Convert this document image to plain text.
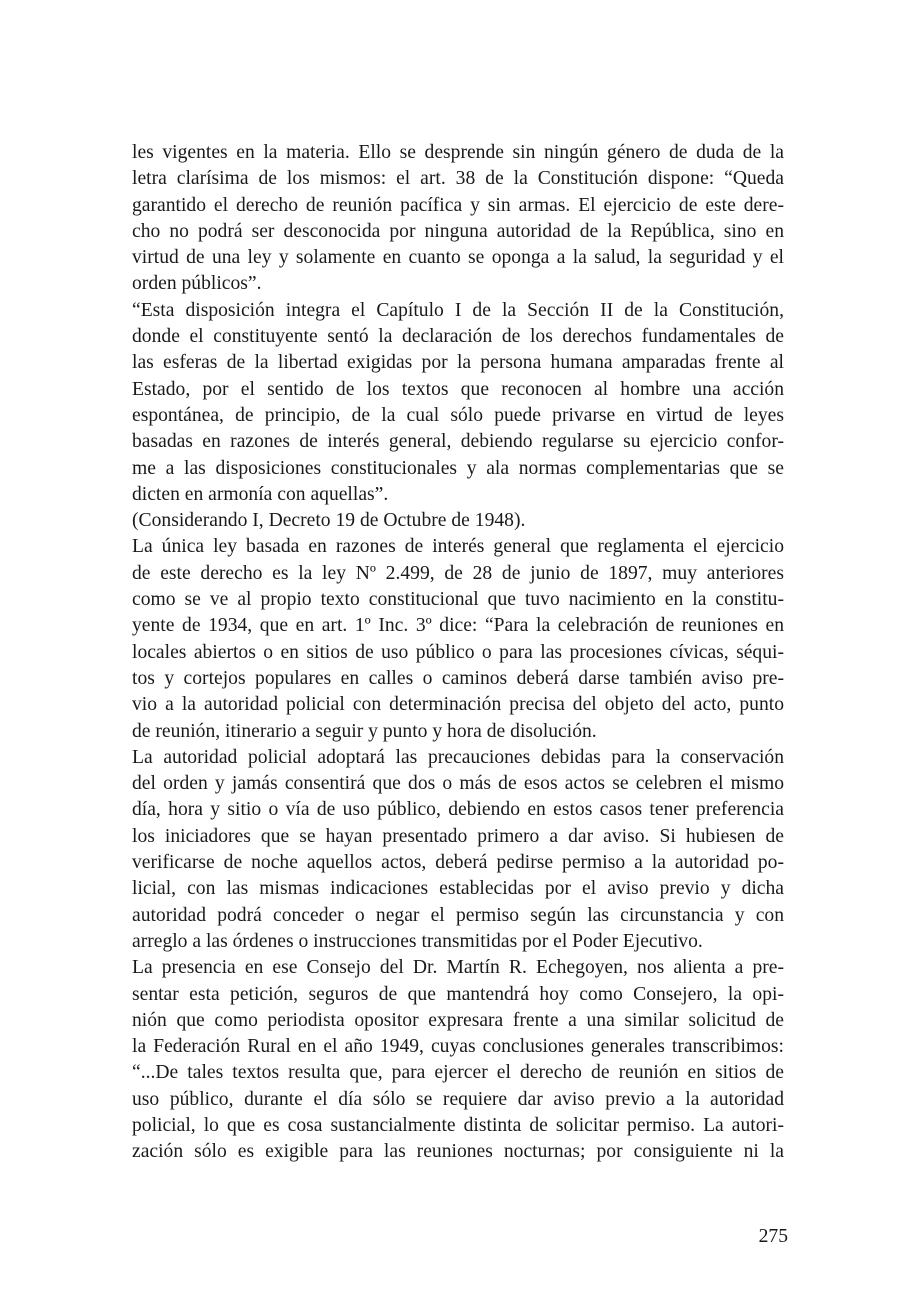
les vigentes en la materia. Ello se desprende sin ningún género de duda de la
letra clarísima de los mismos: el art. 38 de la Constitución dispone: “Queda
garantido el derecho de reunión pacífica y sin armas. El ejercicio de este dere-
cho no podrá ser desconocida por ninguna autoridad de la República, sino en
virtud de una ley y solamente en cuanto se oponga a la salud, la seguridad y el
orden públicos”.
“Esta disposición integra el Capítulo I de la Sección II de la Constitución,
donde el constituyente sentó la declaración de los derechos fundamentales de
las esferas de la libertad exigidas por la persona humana amparadas frente al
Estado, por el sentido de los textos que reconocen al hombre una acción
espontánea, de principio, de la cual sólo puede privarse en virtud de leyes
basadas en razones de interés general, debiendo regularse su ejercicio confor-
me a las disposiciones constitucionales y ala normas complementarias que se
dicten en armonía con aquellas”.
(Considerando I, Decreto 19 de Octubre de 1948).
La única ley basada en razones de interés general que reglamenta el ejercicio
de este derecho es la ley Nº 2.499, de 28 de junio de 1897, muy anteriores
como se ve al propio texto constitucional que tuvo nacimiento en la constitu-
yente de 1934, que en art. 1º Inc. 3º dice: “Para la celebración de reuniones en
locales abiertos o en sitios de uso público o para las procesiones cívicas, séqui-
tos y cortejos populares en calles o caminos deberá darse también aviso pre-
vio a la autoridad policial con determinación precisa del objeto del acto, punto
de reunión, itinerario a seguir y punto y hora de disolución.
La autoridad policial adoptará las precauciones debidas para la conservación
del orden y jamás consentirá que dos o más de esos actos se celebren el mismo
día, hora y sitio o vía de uso público, debiendo en estos casos tener preferencia
los iniciadores que se hayan presentado primero a dar aviso. Si hubiesen de
verificarse de noche aquellos actos, deberá pedirse permiso a la autoridad po-
licial, con las mismas indicaciones establecidas por el aviso previo y dicha
autoridad podrá conceder o negar el permiso según las circunstancia y con
arreglo a las órdenes o instrucciones transmitidas por el Poder Ejecutivo.
La presencia en ese Consejo del Dr. Martín R. Echegoyen, nos alienta a pre-
sentar esta petición, seguros de que mantendrá hoy como Consejero, la opi-
nión que como periodista opositor expresara frente a una similar solicitud de
la Federación Rural en el año 1949, cuyas conclusiones generales transcribimos:
“...De tales textos resulta que, para ejercer el derecho de reunión en sitios de
uso público, durante el día sólo se requiere dar aviso previo a la autoridad
policial, lo que es cosa sustancialmente distinta de solicitar permiso. La autori-
zación sólo es exigible para las reuniones nocturnas; por consiguiente ni la
275
